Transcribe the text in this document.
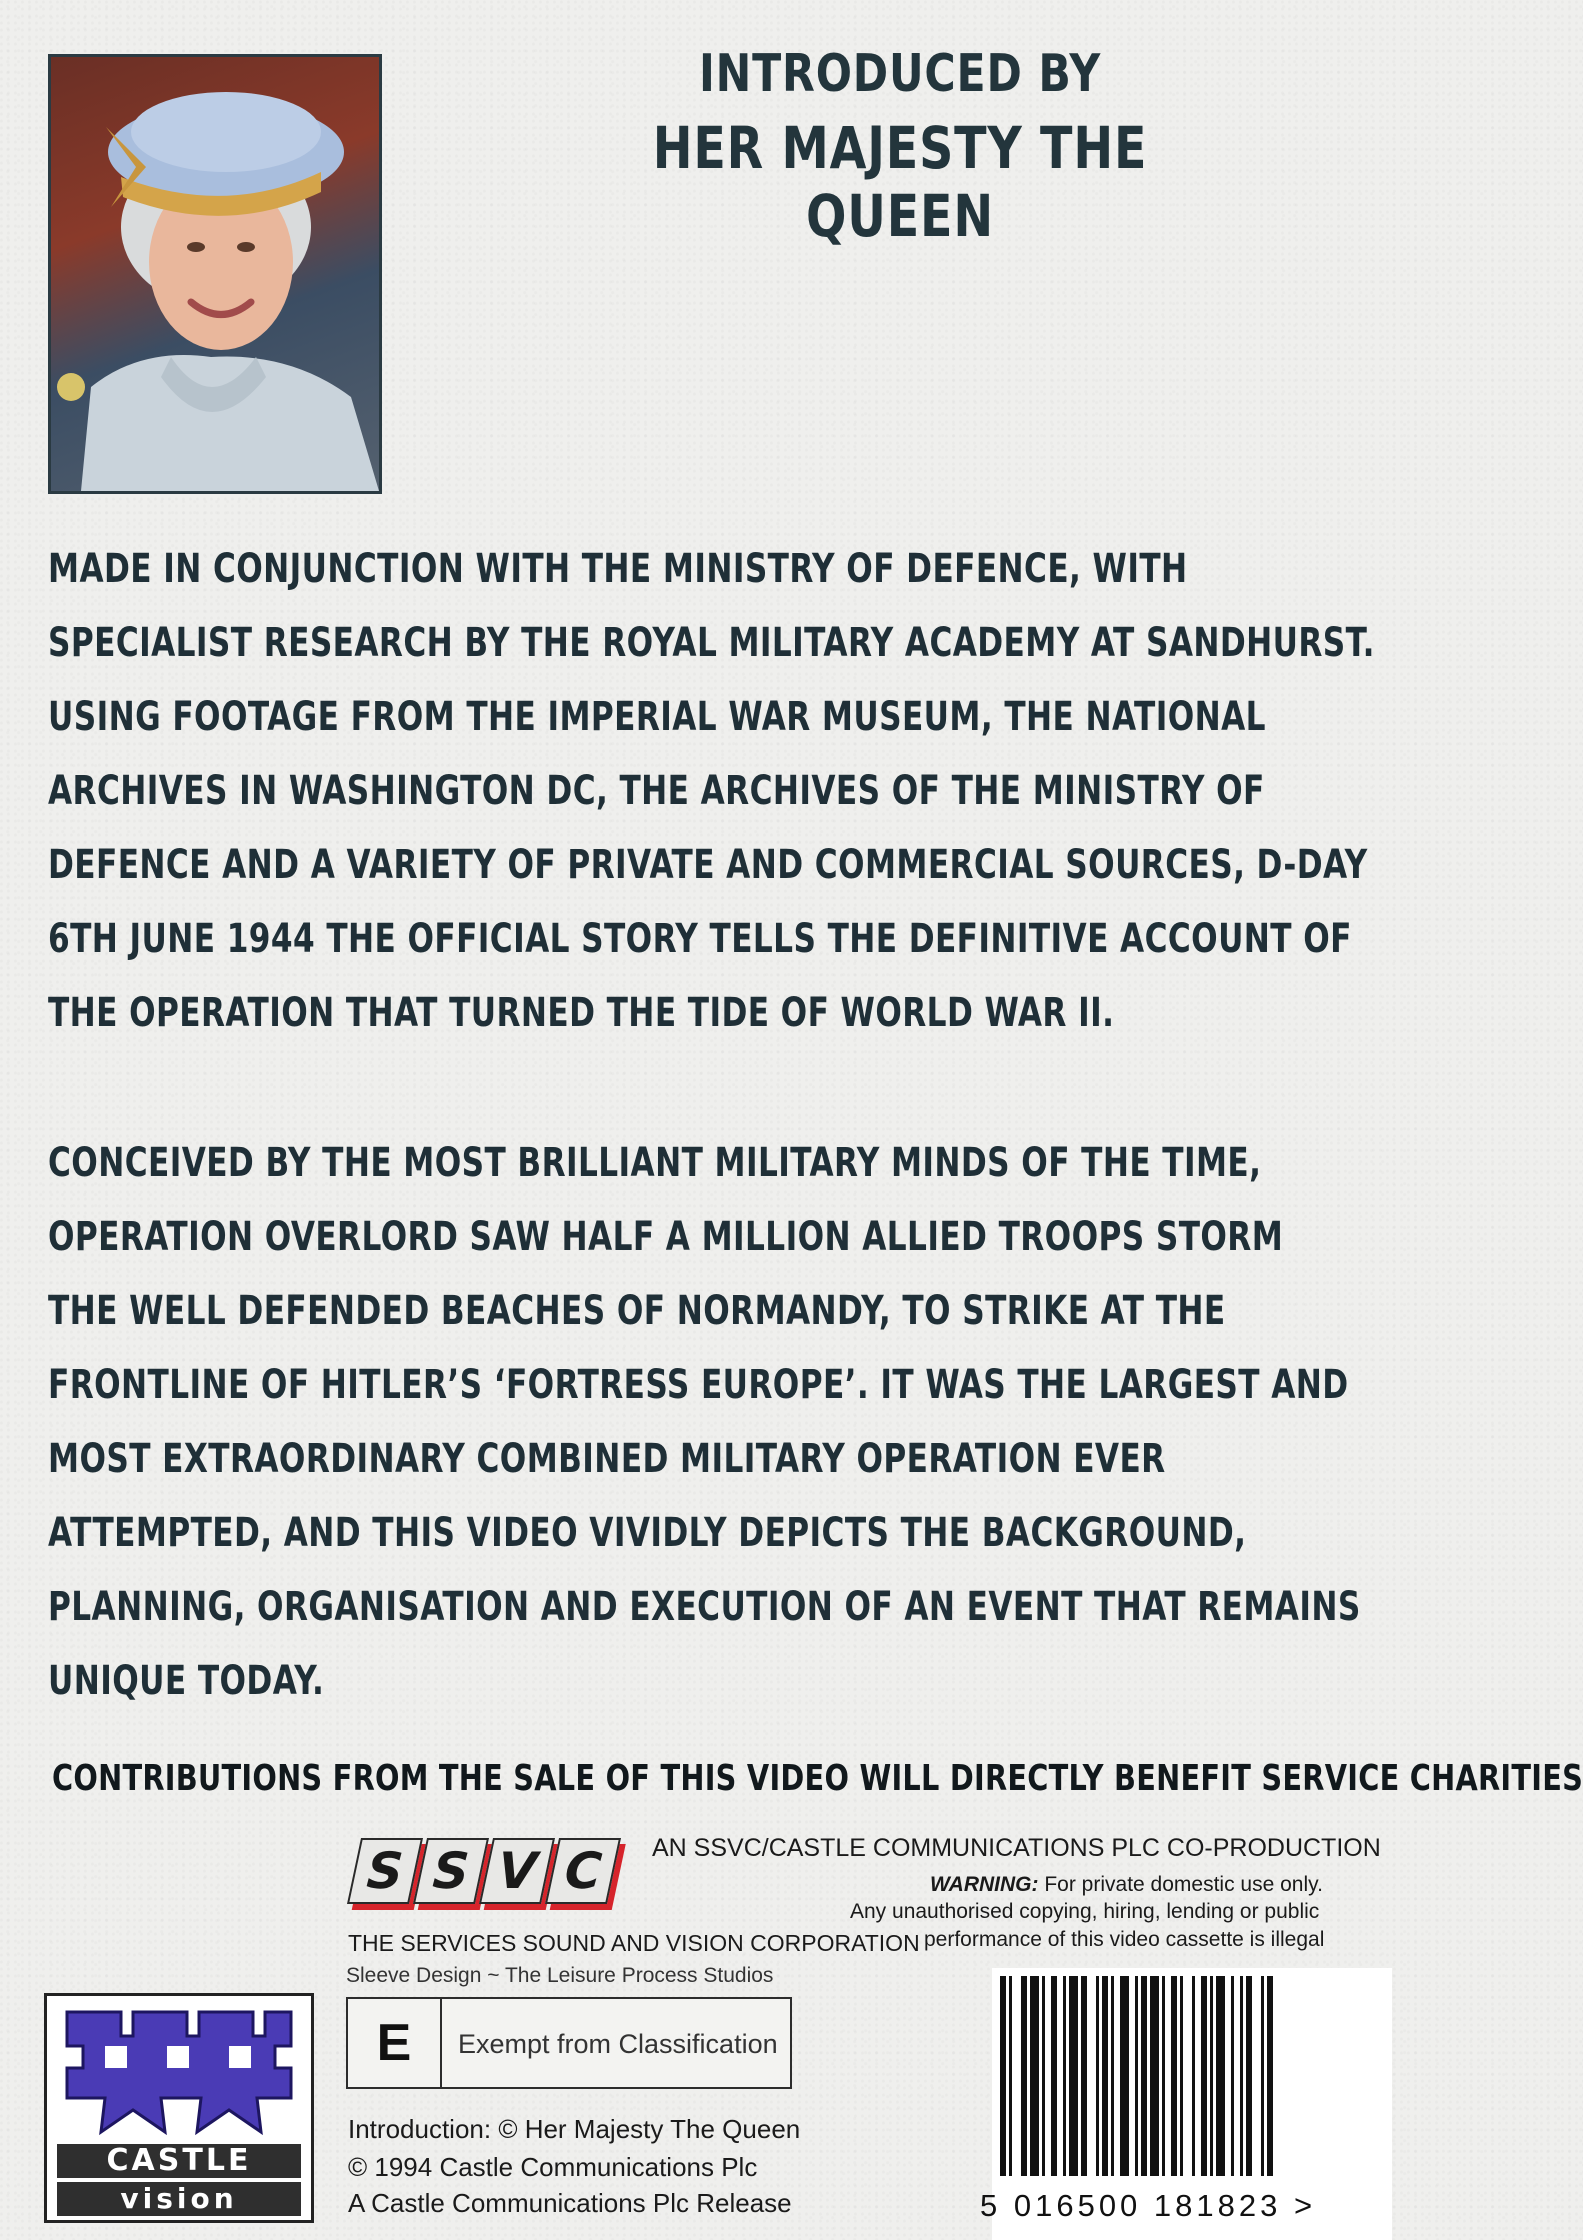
INTRODUCED BY
HER MAJESTY THE QUEEN
MADE IN CONJUNCTION WITH THE MINISTRY OF DEFENCE, WITH
SPECIALIST RESEARCH BY THE ROYAL MILITARY ACADEMY AT SANDHURST.
USING FOOTAGE FROM THE IMPERIAL WAR MUSEUM, THE NATIONAL
ARCHIVES IN WASHINGTON DC, THE ARCHIVES OF THE MINISTRY OF
DEFENCE AND A VARIETY OF PRIVATE AND COMMERCIAL SOURCES, D-DAY
6TH JUNE 1944 THE OFFICIAL STORY TELLS THE DEFINITIVE ACCOUNT OF
THE OPERATION THAT TURNED THE TIDE OF WORLD WAR II.
CONCEIVED BY THE MOST BRILLIANT MILITARY MINDS OF THE TIME,
OPERATION OVERLORD SAW HALF A MILLION ALLIED TROOPS STORM
THE WELL DEFENDED BEACHES OF NORMANDY, TO STRIKE AT THE
FRONTLINE OF HITLER’S ‘FORTRESS EUROPE’. IT WAS THE LARGEST AND
MOST EXTRAORDINARY COMBINED MILITARY OPERATION EVER
ATTEMPTED, AND THIS VIDEO VIVIDLY DEPICTS THE BACKGROUND,
PLANNING, ORGANISATION AND EXECUTION OF AN EVENT THAT REMAINS
UNIQUE TODAY.
CONTRIBUTIONS FROM THE SALE OF THIS VIDEO WILL DIRECTLY BENEFIT SERVICE CHARITIES
S S V C
THE SERVICES SOUND AND VISION CORPORATION
Sleeve Design ~ The Leisure Process Studios
AN SSVC/CASTLE COMMUNICATIONS PLC CO-PRODUCTION
WARNING: For private domestic use only.
Any unauthorised copying, hiring, lending or public
performance of this video cassette is illegal
E	Exempt from Classification
Introduction: © Her Majesty The Queen
© 1994 Castle Communications Plc
A Castle Communications Plc Release
CASTLE
vision	5 016500 181823 >
